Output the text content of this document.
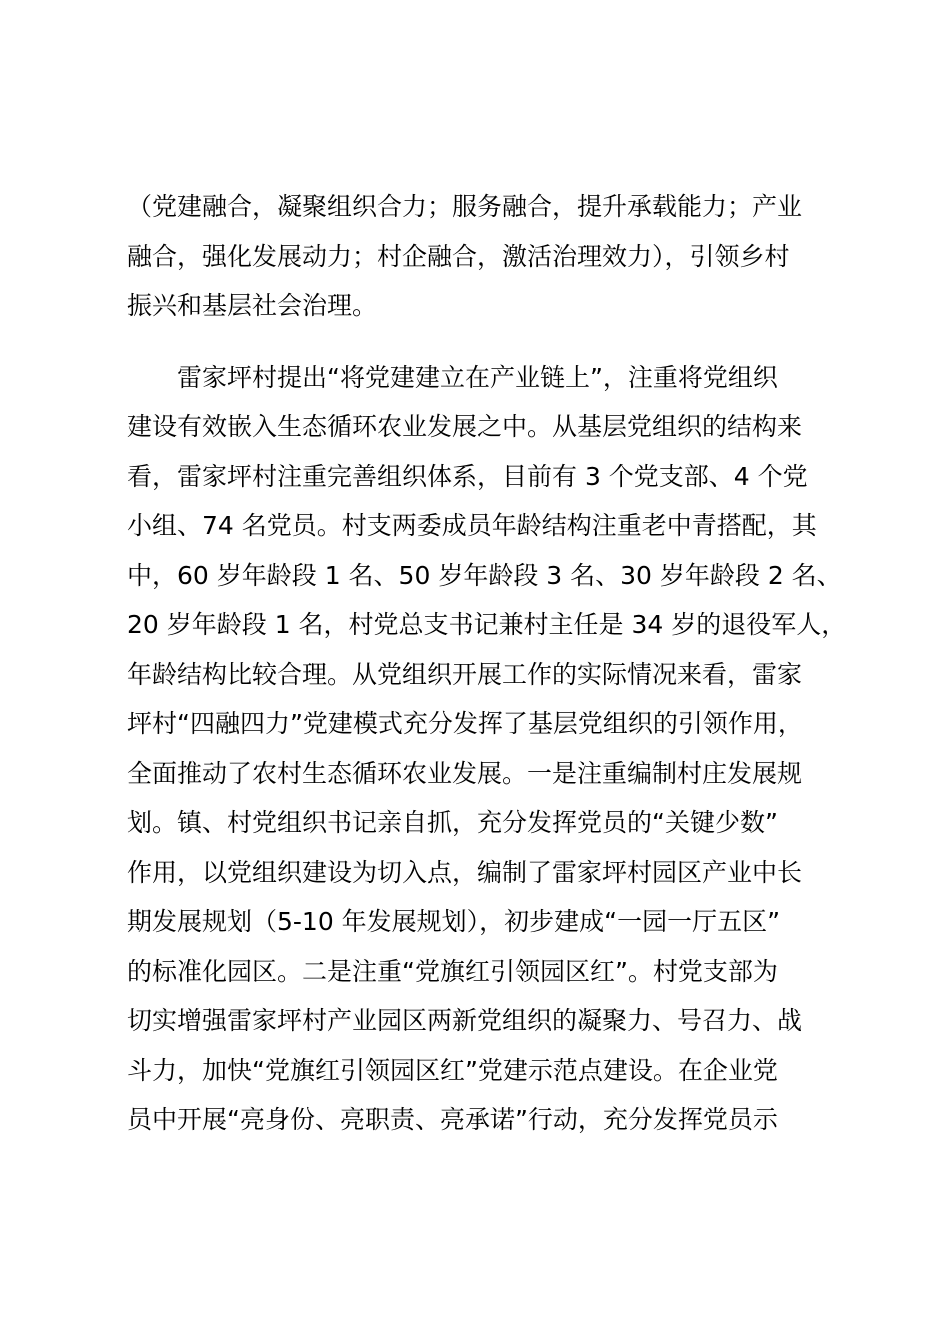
（党建融合，凝聚组织合力；服务融合，提升承载能力；产业
融合，强化发展动力；村企融合，激活治理效力），引领乡村
振兴和基层社会治理。
　　雷家坪村提出“将党建建立在产业链上”，注重将党组织
建设有效嵌入生态循环农业发展之中。从基层党组织的结构来
看，雷家坪村注重完善组织体系，目前有 3 个党支部、4 个党
小组、74 名党员。村支两委成员年龄结构注重老中青搭配，其
中，60 岁年龄段 1 名、50 岁年龄段 3 名、30 岁年龄段 2 名、
20 岁年龄段 1 名，村党总支书记兼村主任是 34 岁的退役军人，
年龄结构比较合理。从党组织开展工作的实际情况来看，雷家
坪村“四融四力”党建模式充分发挥了基层党组织的引领作用，
全面推动了农村生态循环农业发展。一是注重编制村庄发展规
划。镇、村党组织书记亲自抓，充分发挥党员的“关键少数”
作用，以党组织建设为切入点，编制了雷家坪村园区产业中长
期发展规划（5-10 年发展规划），初步建成“一园一厅五区”
的标准化园区。二是注重“党旗红引领园区红”。村党支部为
切实增强雷家坪村产业园区两新党组织的凝聚力、号召力、战
斗力，加快“党旗红引领园区红”党建示范点建设。在企业党
员中开展“亮身份、亮职责、亮承诺”行动，充分发挥党员示
